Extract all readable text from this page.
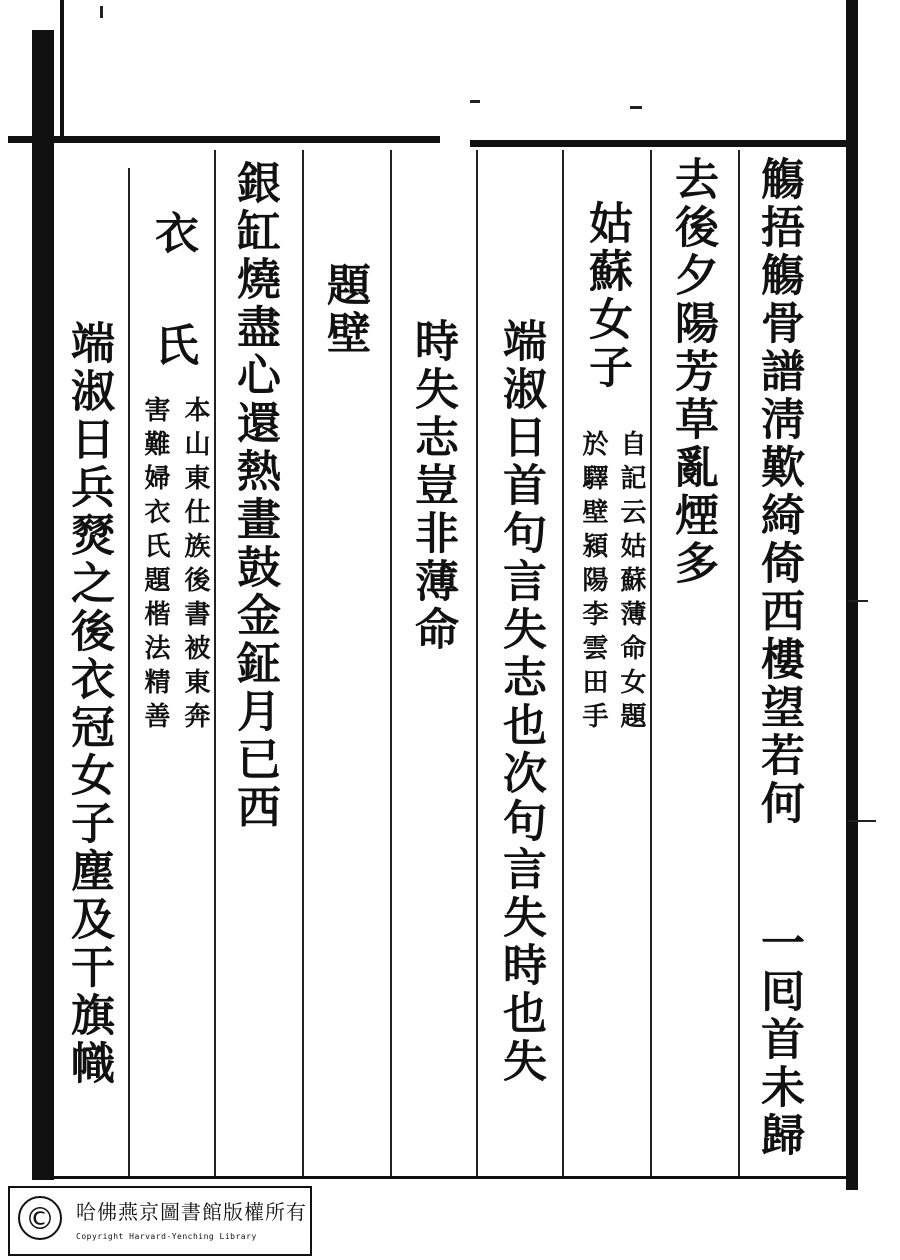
觴捂觴骨譜淸歎綺倚西樓望若何
一囘首未歸
去後夕陽芳草亂煙多
姑蘇女子
自記云姑蘇薄命女題
於驛壁潁陽李雲田手
端淑日首句言失志也次句言失時也失
時失志豈非薄命
題壁
銀缸燒盡心還熱畫鼓金鉦月已西
衣
氏
本山東仕族後書被東奔
害難婦衣氏題楷法精善
端淑日兵燹之後衣冠女子塵及干旗幟
©	哈佛燕京圖書館版權所有
Copyright Harvard-Yenching Library
